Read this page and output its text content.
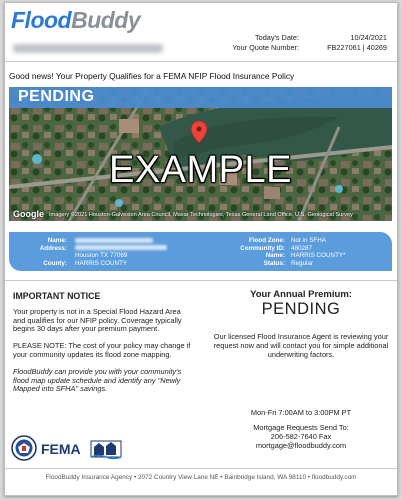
FloodBuddy
Today's Date:	10/24/2021
Your Quote Number:	FB227061 | 40269
Good news! Your Property Qualifies for a FEMA NFIP Flood Insurance Policy
PENDING
EXAMPLE
Google Imagery ©2021 Houston-Galveston Area Council, Maxar Technologies, Texas General Land Office, U.S. Geological Survey
Name:
Address:
County:
Houston TX 77069
HARRIS COUNTY
Flood Zone:
Community ID:
Name:
Status:
Not in SFHA
480287
HARRIS COUNTY*
Regular
IMPORTANT NOTICE

Your property is not in a Special Flood Hazard Area and qualifies for our NFIP policy. Coverage typically begins 30 days after your premium payment.

PLEASE NOTE: The cost of your policy may change if your community updates its flood zone mapping.

FloodBuddy can provide you with your community's flood map update schedule and identify any "Newly Mapped into SFHA" savings.

Your Annual Premium:
PENDING
Our licensed Flood Insurance Agent is reviewing your request now and will contact you for simple additional underwriting factors.
Mon-Fri 7:00AM to 3:00PM PT
Mortgage Requests Send To:
206-582-7640 Fax
mortgage@floodbuddy.com
FEMA
FloodBuddy Insurance Agency • 2072 Country View Lane NE • Bainbridge Island, WA 98110 • floodbuddy.com
